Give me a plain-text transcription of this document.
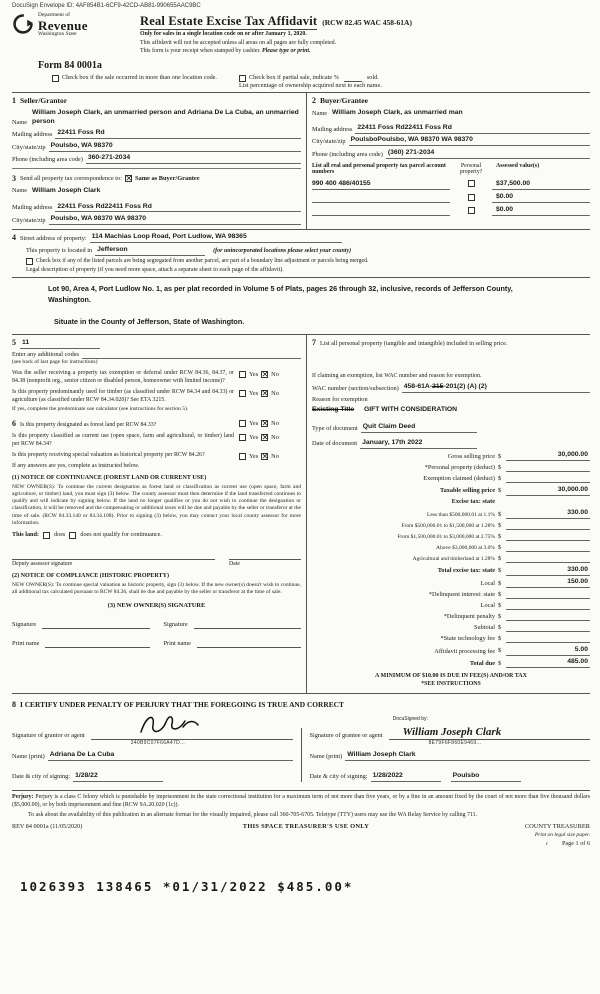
DocuSign Envelope ID: 4AF854B1-6CF9-42CD-AB81-990655AAC9BC
Department of
Revenue
Washington State
Real Estate Excise Tax Affidavit (RCW 82.45 WAC 458-61A)
Only for sales in a single location code on or after January 1, 2020.
This affidavit will not be accepted unless all areas on all pages are fully completed.
This form is your receipt when stamped by cashier. Please type or print.
Form 84 0001a
Check box if the sale occurred in more than one location code.	Check box if partial sale, indicate %	sold.
List percentage of ownership acquired next to each name.
1 Seller/Grantor
Name
William Joseph Clark, an unmarried person and Adriana De La Cuba, an unmarried person
Mailing address 22411 Foss Rd
City/state/zip Poulsbo, WA 98370
Phone (including area code) 360-271-2034
3 Send all property tax correspondence to: ✕ Same as Buyer/Grantee
Name William Joseph Clark
Mailing address 22411 Foss Rd22411 Foss Rd
City/state/zip Poulsbo, WA 98370 WA 98370
2 Buyer/Grantee
Name William Joseph Clark, as unmarried man
Mailing address 22411 Foss Rd22411 Foss Rd
City/state/zip PoulsboPoulsbo, WA 98370 WA 98370
Phone (including area code) (360) 271-2034
List all real and personal property tax parcel account numbers
Personal property?
Assessed value(s)
990 400 486/40155	$37,500.00
$0.00
$0.00
4 Street address of property: 114 Machias Loop Road, Port Ludlow, WA 98365
This property is located in Jefferson	(for unincorporated locations please select your county)
Check box if any of the listed parcels are being segregated from another parcel, are part of a boundary line adjustment or parcels being merged.
Legal description of property (if you need more space, attach a separate sheet to each page of the affidavit).
Lot 90, Area 4, Port Ludlow No. 1, as per plat recorded in Volume 5 of Plats, pages 26 through 32, inclusive, records of Jefferson County, Washington.
Situate in the County of Jefferson, State of Washington.
5 11
Enter any additional codes
(see back of last page for instructions)
Was the seller receiving a property tax exemption or deferral under RCW 84.36, 84.37, or 84.38 (nonprofit org., senior citizen or disabled person, homeowner with limited income)?
Yes ✕ No
Is this property predominantly used for timber (as classified under RCW 84.34 and 84.33) or agriculture (as classified under RCW 84.34.020)? See ETA 3215.
Yes ✕ No
If yes, complete the predominate use calculator (see instructions for section 5).
6 Is this property designated as forest land per RCW 84.33?	Yes ✕ No
Is this property classified as current use (open space, farm and agricultural, or timber) land per RCW 84.34?
Yes ✕ No
Is this property receiving special valuation as historical property per RCW 84.26?	Yes ✕ No
If any answers are yes, complete as instructed below.
(1) NOTICE OF CONTINUANCE (FOREST LAND OR CURRENT USE)
NEW OWNER(S): To continue the current designation as forest land or classification as current use (open space, farm and agriculture, or timber) land, you must sign (3) below. The county assessor must then determine if the land transferred continues to qualify and will indicate by signing below. If the land no longer qualifies or you do not wish to continue the designation or classification, it will be removed and the compensating or additional taxes will be due and payable by the seller or transferor at the time of sale. (RCW 84.33.140 or 84.34.108). Prior to signing (3) below, you may contact your local county assessor for more information.
This land: does does not qualify for continuance.
Deputy assessor signature	Date
(2) NOTICE OF COMPLIANCE (HISTORIC PROPERTY)
NEW OWNER(S): To continue special valuation as historic property, sign (3) below. If the new owner(s) doesn't wish to continue, all additional tax calculated pursuant to RCW 84.26, shall be due and payable by the seller or transferor at the time of sale.
(3) NEW OWNER(S) SIGNATURE
Signature	Signature
Print name	Print name
7 List all personal property (tangible and intangible) included in selling price.
If claiming an exemption, list WAC number and reason for exemption.
WAC number (section/subsection) 458-61A-215-201(2) (A) (2)
Reason for exemption
Existing Title GIFT WITH CONSIDERATION
Type of document Quit Claim Deed
Date of document January, 17th 2022
Gross selling price $	30,000.00
*Personal property (deduct) $
Exemption claimed (deduct) $
Taxable selling price $	30,000.00
Excise tax: state
Less than $500,000.01 at 1.1% $	330.00
From $500,000.01 to $1,500,000 at 1.28% $
From $1,500,000.01 to $3,000,000 at 2.75% $
Above $3,000,000 at 3.0% $
Agricultural and timberland at 1.28% $
Total excise tax: state $	330.00
Local $	150.00
*Delinquent interest: state $
Local $
*Delinquent penalty $
Subtotal $
*State technology fee $
Affidavit processing fee $	5.00
Total due $	485.00
A MINIMUM OF $10.00 IS DUE IN FEE(S) AND/OR TAX
*SEE INSTRUCTIONS
8 I CERTIFY UNDER PENALTY OF PERJURY THAT THE FOREGOING IS TRUE AND CORRECT
Signature of grantor or agent
340B9C07F66A47D...
Name (print) Adriana De La Cuba
Date & city of signing: 1/28/22
Signature of grantee or agent
DocuSigned by:
William Joseph Clark
8E79F6F860E9469...
Name (print) William Joseph Clark
Date & city of signing: 1/28/2022	Poulsbo
Perjury: Perjury is a class C felony which is punishable by imprisonment in the state correctional institution for a maximum term of not more than five years, or by a fine in an amount fixed by the court of not more than five thousand dollars ($5,000.00), or by both imprisonment and fine (RCW 9A.20.020 (1c)).
To ask about the availability of this publication in an alternate format for the visually impaired, please call 360-705-6705. Teletype (TTY) users may use the WA Relay Service by calling 711.
REV 84 0001a (11/05/2020)	THIS SPACE TREASURER'S USE ONLY	COUNTY TREASURER
Print on legal size paper.
c Page 1 of 6
1026393 138465 *01/31/2022 $485.00*
